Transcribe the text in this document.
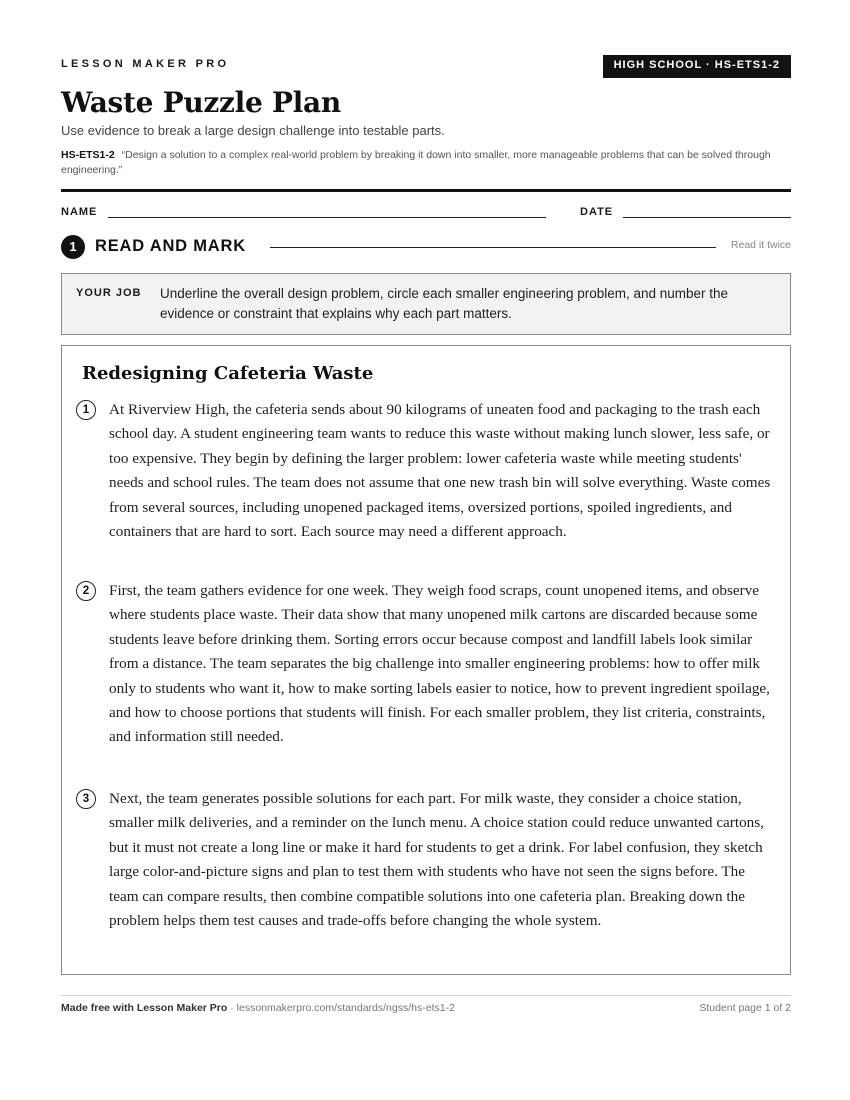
LESSON MAKER PRO	HIGH SCHOOL · HS-ETS1-2
Waste Puzzle Plan
Use evidence to break a large design challenge into testable parts.
HS-ETS1-2 “Design a solution to a complex real-world problem by breaking it down into smaller, more manageable problems that can be solved through engineering.”
NAME	DATE
1	READ AND MARK	Read it twice
YOUR JOB Underline the overall design problem, circle each smaller engineering problem, and number the evidence or constraint that explains why each part matters.
Redesigning Cafeteria Waste
1	At Riverview High, the cafeteria sends about 90 kilograms of uneaten food and packaging to the trash each school day. A student engineering team wants to reduce this waste without making lunch slower, less safe, or too expensive. They begin by defining the larger problem: lower cafeteria waste while meeting students' needs and school rules. The team does not assume that one new trash bin will solve everything. Waste comes from several sources, including unopened packaged items, oversized portions, spoiled ingredients, and containers that are hard to sort. Each source may need a different approach.
2	First, the team gathers evidence for one week. They weigh food scraps, count unopened items, and observe where students place waste. Their data show that many unopened milk cartons are discarded because some students leave before drinking them. Sorting errors occur because compost and landfill labels look similar from a distance. The team separates the big challenge into smaller engineering problems: how to offer milk only to students who want it, how to make sorting labels easier to notice, how to prevent ingredient spoilage, and how to choose portions that students will finish. For each smaller problem, they list criteria, constraints, and information still needed.
3	Next, the team generates possible solutions for each part. For milk waste, they consider a choice station, smaller milk deliveries, and a reminder on the lunch menu. A choice station could reduce unwanted cartons, but it must not create a long line or make it hard for students to get a drink. For label confusion, they sketch large color-and-picture signs and plan to test them with students who have not seen the signs before. The team can compare results, then combine compatible solutions into one cafeteria plan. Breaking down the problem helps them test causes and trade-offs before changing the whole system.
Made free with Lesson Maker Pro · lessonmakerpro.com/standards/ngss/hs-ets1-2	Student page 1 of 2
